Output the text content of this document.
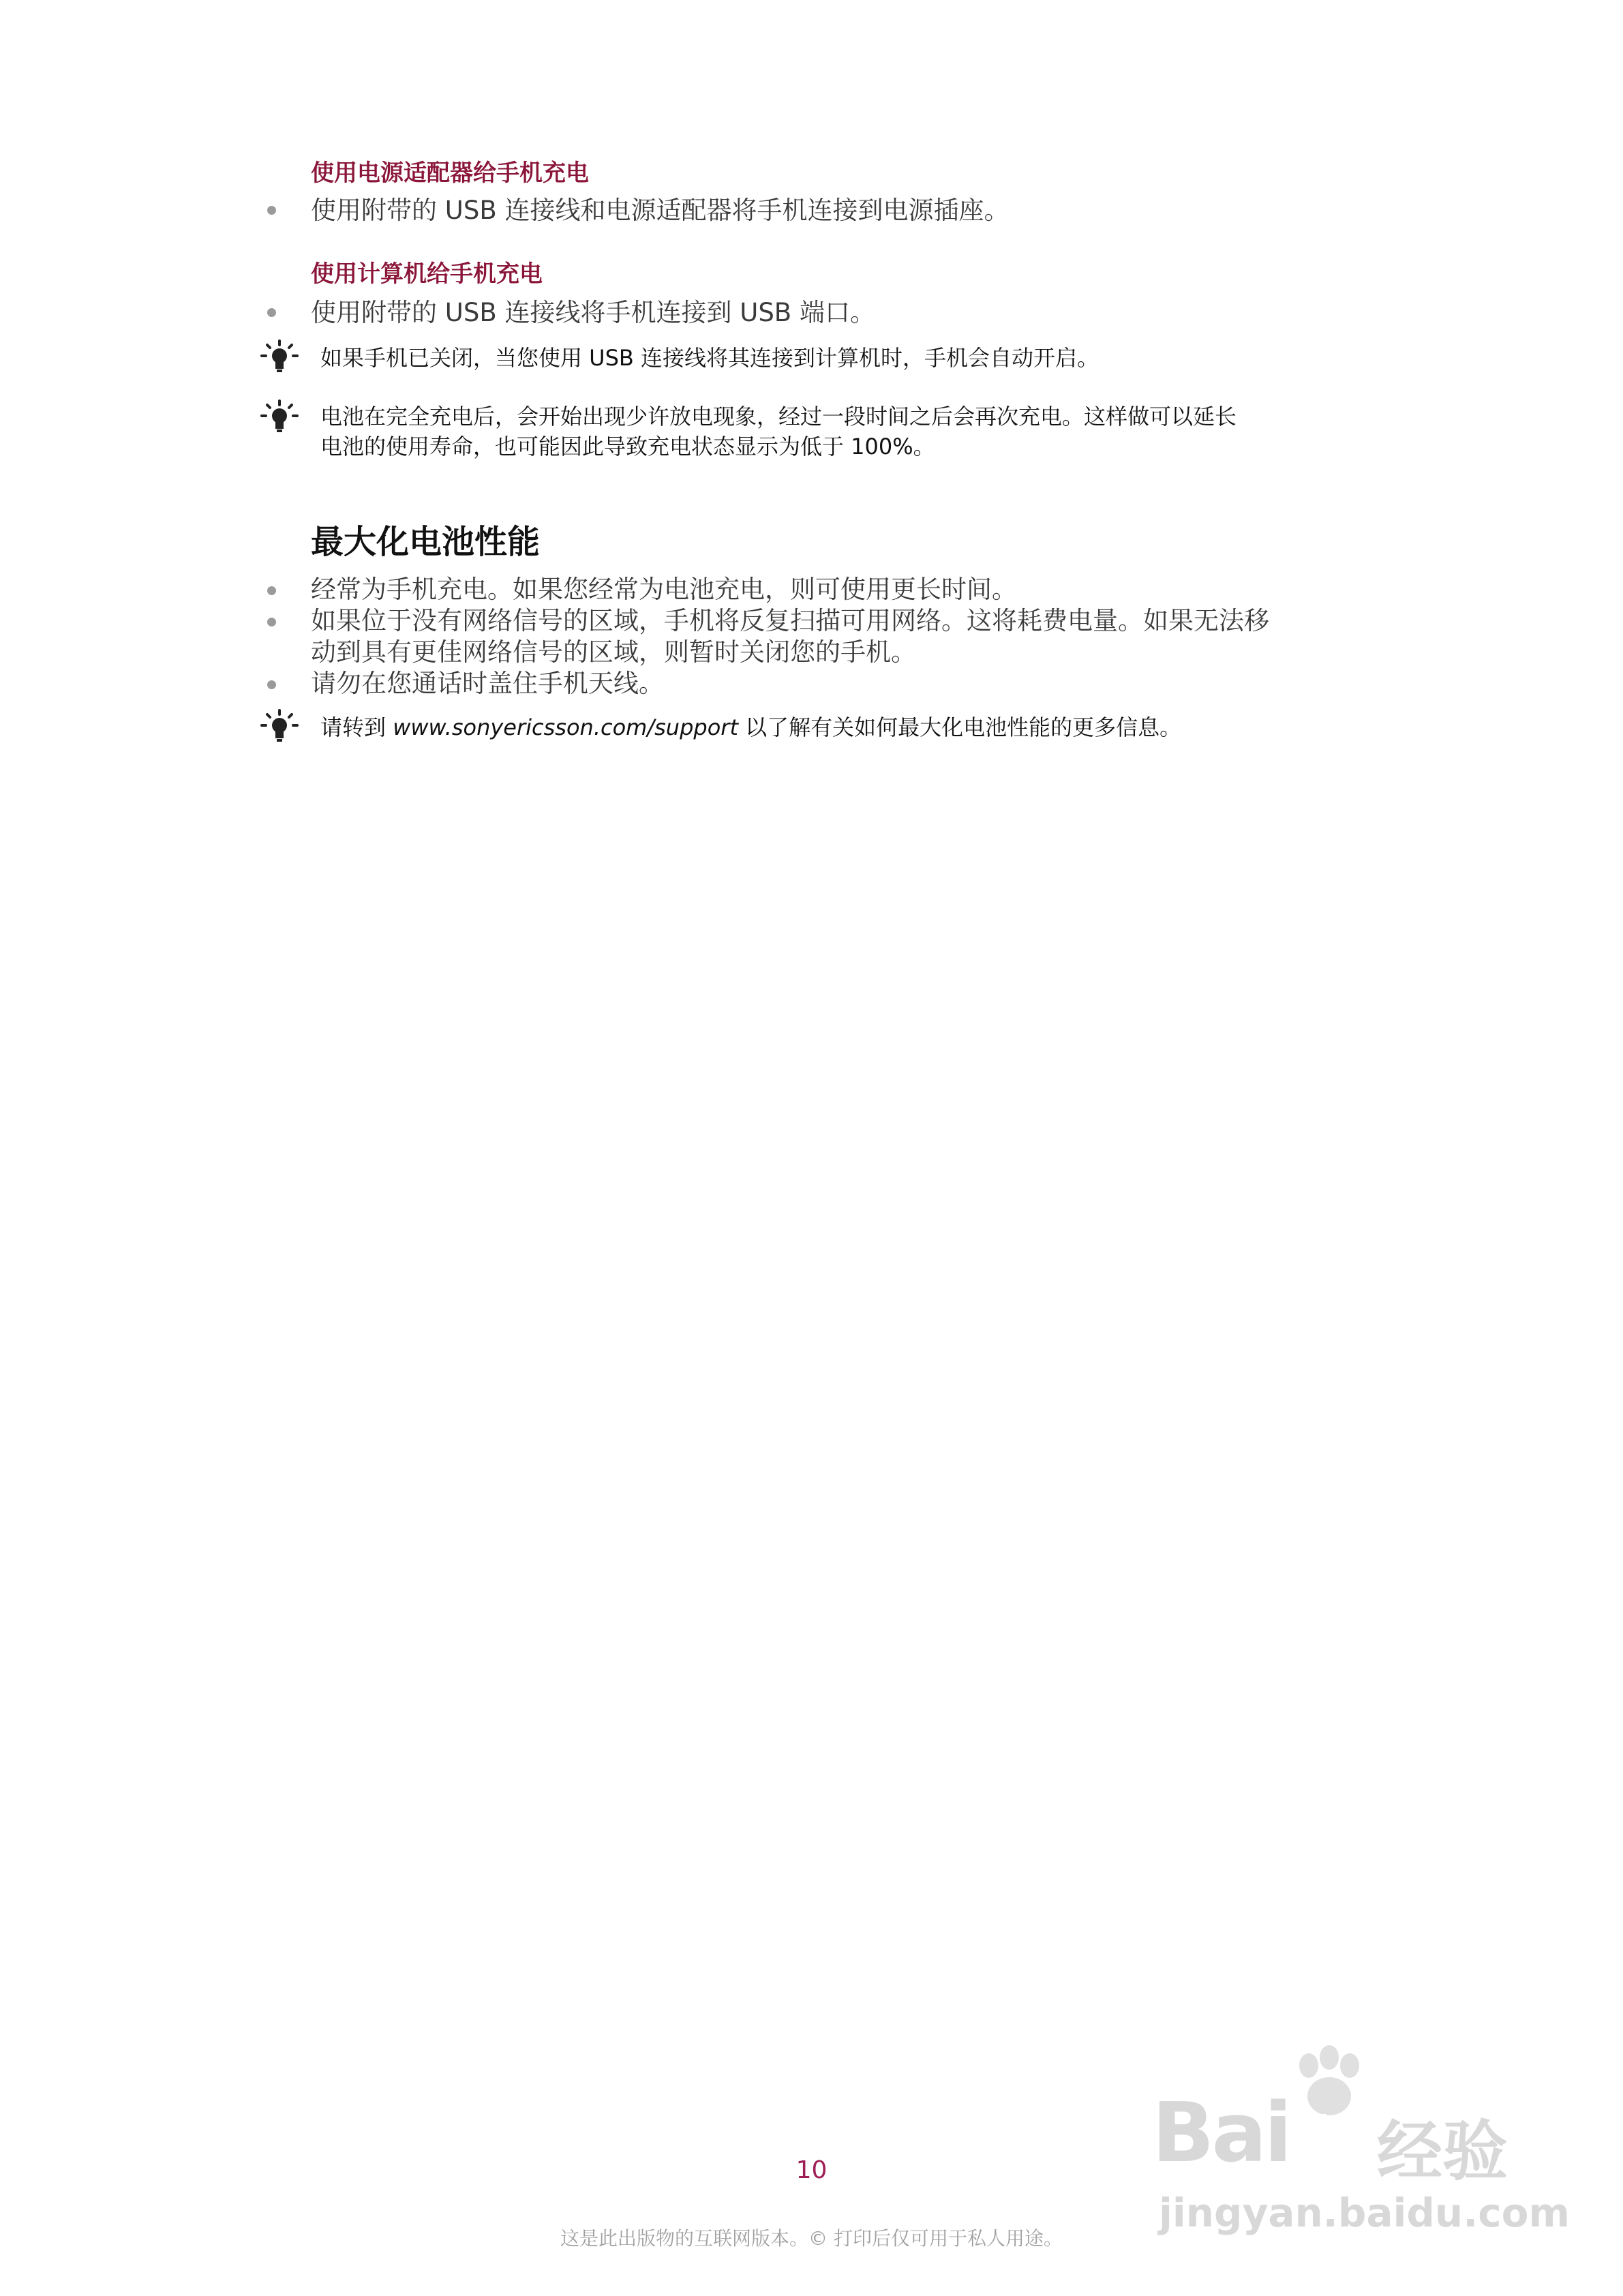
使用电源适配器给手机充电
使用附带的 USB 连接线和电源适配器将手机连接到电源插座。
使用计算机给手机充电
使用附带的 USB 连接线将手机连接到 USB 端口。
如果手机已关闭，当您使用 USB 连接线将其连接到计算机时，手机会自动开启。
电池在完全充电后，会开始出现少许放电现象，经过一段时间之后会再次充电。这样做可以延长
电池的使用寿命，也可能因此导致充电状态显示为低于 100%。
最大化电池性能
经常为手机充电。如果您经常为电池充电，则可使用更长时间。
如果位于没有网络信号的区域，手机将反复扫描可用网络。这将耗费电量。如果无法移
动到具有更佳网络信号的区域，则暂时关闭您的手机。
请勿在您通话时盖住手机天线。
请转到 www.sonyericsson.com/support 以了解有关如何最大化电池性能的更多信息。
Bai du 经验
jingyan.baidu.com
10
这是此出版物的互联网版本。© 打印后仅可用于私人用途。
